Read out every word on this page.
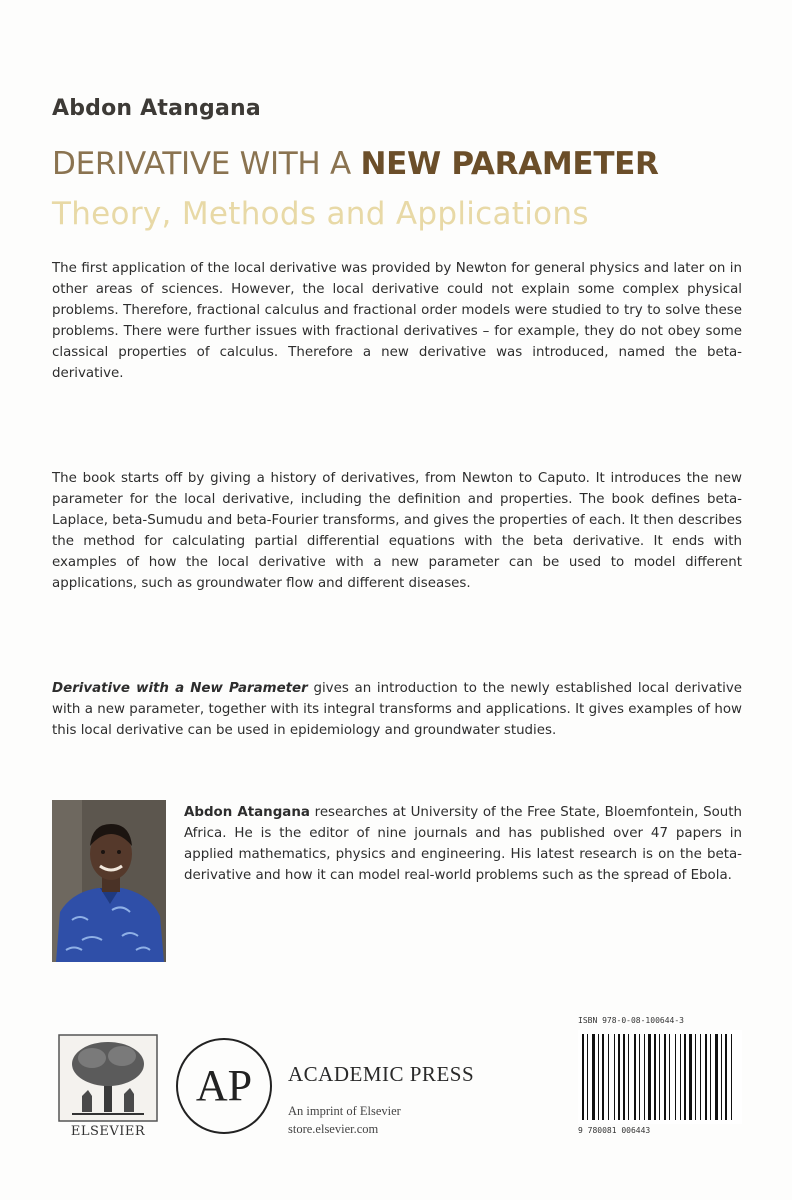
Abdon Atangana
DERIVATIVE WITH A NEW PARAMETER
Theory, Methods and Applications

The first application of the local derivative was provided by Newton for general physics and later on in other areas of sciences. However, the local derivative could not explain some complex physical problems. Therefore, fractional calculus and fractional order models were studied to try to solve these problems. There were further issues with fractional derivatives – for example, they do not obey some classical properties of calculus. Therefore a new derivative was introduced, named the beta-derivative.

The book starts off by giving a history of derivatives, from Newton to Caputo. It introduces the new parameter for the local derivative, including the definition and properties. The book defines beta-Laplace, beta-Sumudu and beta-Fourier transforms, and gives the properties of each. It then describes the method for calculating partial differential equations with the beta derivative. It ends with examples of how the local derivative with a new parameter can be used to model different applications, such as groundwater flow and different diseases.

Derivative with a New Parameter gives an introduction to the newly established local derivative with a new parameter, together with its integral transforms and applications. It gives examples of how this local derivative can be used in epidemiology and groundwater studies.

Abdon Atangana researches at University of the Free State, Bloemfontein, South Africa. He is the editor of nine journals and has published over 47 papers in applied mathematics, physics and engineering. His latest research is on the beta-derivative and how it can model real-world problems such as the spread of Ebola.

ISBN 978-0-08-100644-3
9 780081 006443
ELSEVIER
AP ACADEMIC PRESS
An imprint of Elsevier
store.elsevier.com
